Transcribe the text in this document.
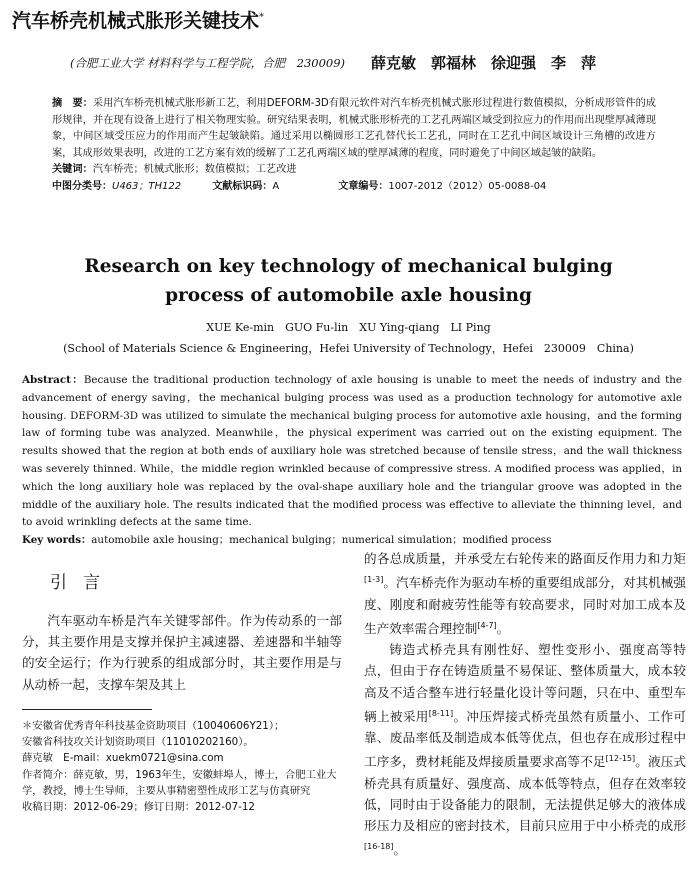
汽车桥壳机械式胀形关键技术*
(合肥工业大学 材料科学与工程学院，合肥　230009) 薛克敏　郭福林　徐迎强　李　萍
摘　要：采用汽车桥壳机械式胀形新工艺，利用DEFORM-3D有限元软件对汽车桥壳机械式胀形过程进行数值模拟，分析成形管件的成形规律，并在现有设备上进行了相关物理实验。研究结果表明，机械式胀形桥壳的工艺孔两端区域受到拉应力的作用而出现壁厚减薄现象，中间区域受压应力的作用而产生起皱缺陷。通过采用以椭圆形工艺孔替代长工艺孔，同时在工艺孔中间区域设计三角槽的改进方案，其成形效果表明，改进的工艺方案有效的缓解了工艺孔两端区域的壁厚减薄的程度，同时避免了中间区域起皱的缺陷。
关键词：汽车桥壳；机械式胀形；数值模拟；工艺改进
中图分类号：U463；TH122	文献标识码：A	文章编号：1007-2012（2012）05-0088-04
Research on key technology of mechanical bulging
process of automobile axle housing
XUE Ke-min　GUO Fu-lin　XU Ying-qiang　LI Ping
(School of Materials Science & Engineering，Hefei University of Technology，Hefei　230009　China)
Abstract：Because the traditional production technology of axle housing is unable to meet the needs of industry and the advancement of energy saving，the mechanical bulging process was used as a production technology for automotive axle housing. DEFORM-3D was utilized to simulate the mechanical bulging process for automotive axle housing，and the forming law of forming tube was analyzed. Meanwhile，the physical experiment was carried out on the existing equipment. The results showed that the region at both ends of auxiliary hole was stretched because of tensile stress，and the wall thickness was severely thinned. While，the middle region wrinkled because of compressive stress. A modified process was applied，in which the long auxiliary hole was replaced by the oval-shape auxiliary hole and the triangular groove was adopted in the middle of the auxiliary hole. The results indicated that the modified process was effective to alleviate the thinning level，and to avoid wrinkling defects at the same time.
Key words：automobile axle housing；mechanical bulging；numerical simulation；modified process
引言

汽车驱动车桥是汽车关键零部件。作为传动系的一部分，其主要作用是支撑并保护主减速器、差速器和半轴等的安全运行；作为行驶系的组成部分时，其主要作用是与从动桥一起，支撑车架及其上

＊安徽省优秀青年科技基金资助项目（10040606Y21）；
安徽省科技攻关计划资助项目（11010202160）。
薛克敏　E-mail：xuekm0721@sina.com
作者简介：薛克敏，男，1963年生，安徽蚌埠人，博士，合肥工业大学，教授，博士生导师，主要从事精密塑性成形工艺与仿真研究
收稿日期：2012-06-29；修订日期：2012-07-12

的各总成质量，并承受左右轮传来的路面反作用力和力矩[1-3]。汽车桥壳作为驱动车桥的重要组成部分，对其机械强度、刚度和耐疲劳性能等有较高要求，同时对加工成本及生产效率需合理控制[4-7]。

铸造式桥壳具有刚性好、塑性变形小、强度高等特点，但由于存在铸造质量不易保证、整体质量大，成本较高及不适合整车进行轻量化设计等问题，只在中、重型车辆上被采用[8-11]。冲压焊接式桥壳虽然有质量小、工作可靠、废品率低及制造成本低等优点，但也存在成形过程中工序多，费材耗能及焊接质量要求高等不足[12-15]。液压式桥壳具有质量好、强度高、成本低等特点，但存在效率较低，同时由于设备能力的限制，无法提供足够大的液体成形压力及相应的密封技术，目前只应用于中小桥壳的成形[16-18]。
